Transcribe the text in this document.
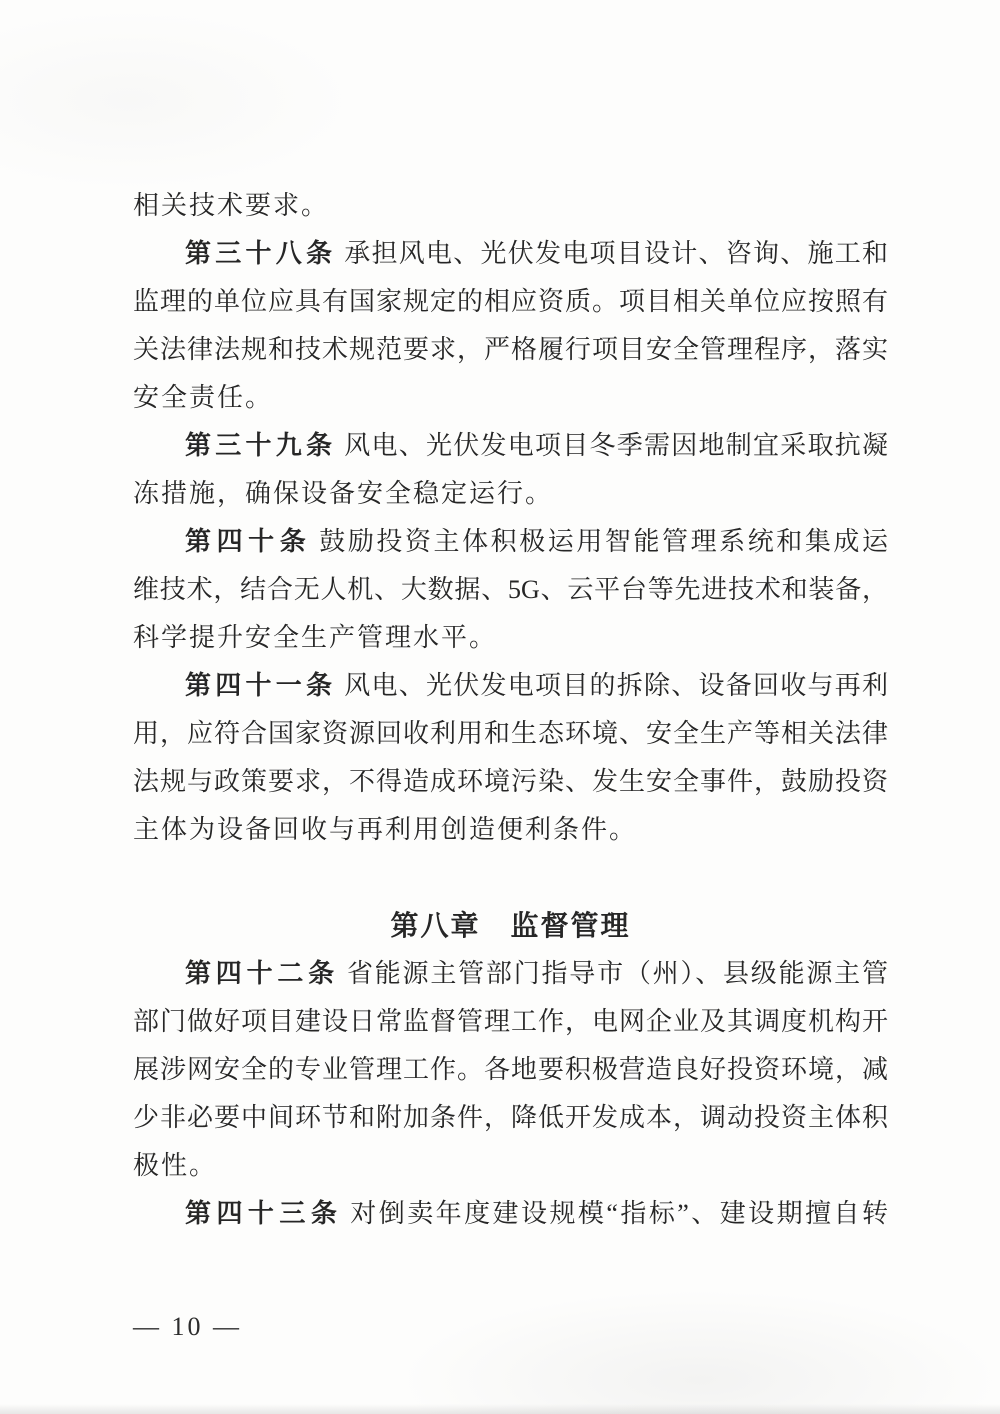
相关技术要求。
第三十八条 承担风电、光伏发电项目设计、咨询、施工和
监理的单位应具有国家规定的相应资质。项目相关单位应按照有
关法律法规和技术规范要求，严格履行项目安全管理程序，落实
安全责任。
第三十九条 风电、光伏发电项目冬季需因地制宜采取抗凝
冻措施，确保设备安全稳定运行。
第四十条 鼓励投资主体积极运用智能管理系统和集成运
维技术，结合无人机、大数据、5G、云平台等先进技术和装备，
科学提升安全生产管理水平。
第四十一条 风电、光伏发电项目的拆除、设备回收与再利
用，应符合国家资源回收利用和生态环境、安全生产等相关法律
法规与政策要求，不得造成环境污染、发生安全事件，鼓励投资
主体为设备回收与再利用创造便利条件。
第八章　监督管理
第四十二条 省能源主管部门指导市（州）、县级能源主管
部门做好项目建设日常监督管理工作，电网企业及其调度机构开
展涉网安全的专业管理工作。各地要积极营造良好投资环境，减
少非必要中间环节和附加条件，降低开发成本，调动投资主体积
极性。
第四十三条 对倒卖年度建设规模“指标”、建设期擅自转
— 10 —
